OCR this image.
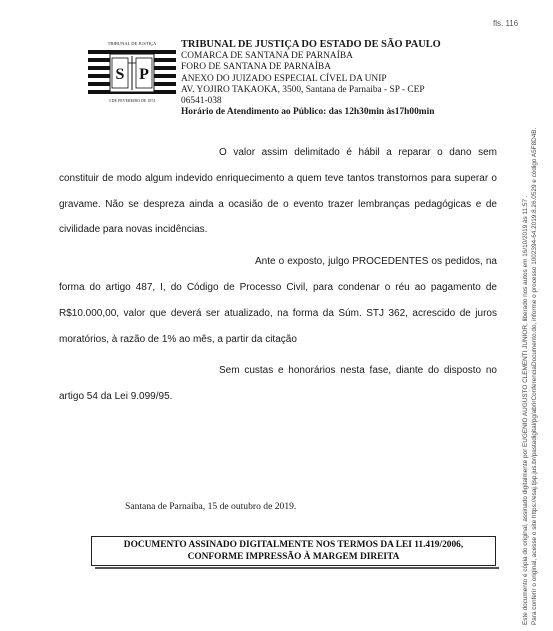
fls. 116
TRIBUNAL DE JUSTIÇA
S P
3 DE FEVEREIRO DE 1874
TRIBUNAL DE JUSTIÇA DO ESTADO DE SÃO PAULO
COMARCA DE SANTANA DE PARNAÍBA
FORO DE SANTANA DE PARNAÍBA
ANEXO DO JUIZADO ESPECIAL CÍVEL DA UNIP
AV. YOJIRO TAKAOKA, 3500, Santana de Parnaiba - SP - CEP
06541-038
Horário de Atendimento ao Público: das 12h30min às17h00min

O valor assim delimitado é hábil a reparar o dano sem constituir de modo algum indevido enriquecimento a quem teve tantos transtornos para superar o gravame. Não se despreza ainda a ocasião de o evento trazer lembranças pedagógicas e de civilidade para novas incidências.

Ante o exposto, julgo PROCEDENTES os pedidos, na forma do artigo 487, I, do Código de Processo Civil, para condenar o réu ao pagamento de R$10.000,00, valor que deverá ser atualizado, na forma da Súm. STJ 362, acrescido de juros moratórios, à razão de 1% ao mês, a partir da citação

Sem custas e honorários nesta fase, diante do disposto no artigo 54 da Lei 9.099/95.

Santana de Parnaíba, 15 de outubro de 2019.
DOCUMENTO ASSINADO DIGITALMENTE NOS TERMOS DA LEI 11.419/2006,
CONFORME IMPRESSÃO À MARGEM DIREITA	Este documento é cópia do original, assinado digitalmente por EUGENIO AUGUSTO CLEMENTI JUNIOR, liberado nos autos em 16/10/2019 às 11:57 . Para conferir o original, acesse o site https://esaj.tjsp.jus.br/pastadigital/pg/abrirConferenciaDocumento.do, informe o processo 1002394-64.2019.8.26.0529 e código A5F8D4B.
